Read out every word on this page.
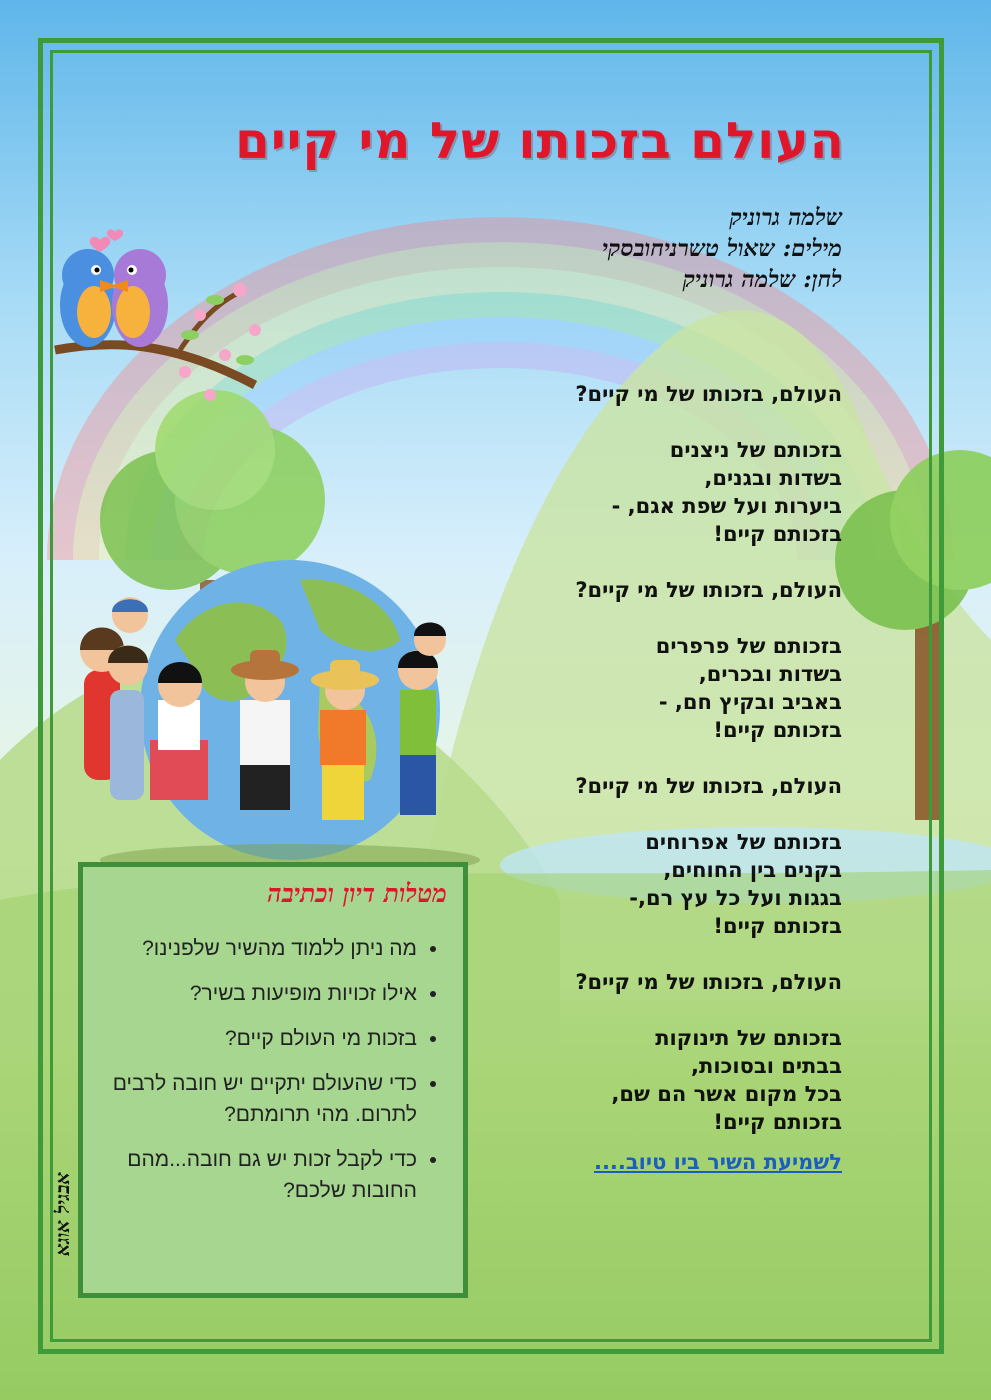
העולם בזכותו של מי קיים
שלמה גרוניק
מילים: שאול טשרניחובסקי
לחן: שלמה גרוניק
העולם, בזכותו של מי קיים?
בזכותם של ניצנים
בשדות ובגנים,
ביערות ועל שפת אגם, -
בזכותם קיים!
העולם, בזכותו של מי קיים?
בזכותם של פרפרים
בשדות ובכרים,
באביב ובקיץ חם, -
בזכותם קיים!
העולם, בזכותו של מי קיים?
בזכותם של אפרוחים
בקנים בין החוחים,
בגגות ועל כל עץ רם,-
בזכותם קיים!
העולם, בזכותו של מי קיים?
בזכותם של תינוקות
בבתים ובסוכות,
בכל מקום אשר הם שם,
בזכותם קיים!
לשמיעת השיר ביו טיוב....
מטלות דיון וכתיבה
• מה ניתן ללמוד מהשיר שלפנינו?
• אילו זכויות מופיעות בשיר?
• בזכות מי העולם קיים?
• כדי שהעולם יתקיים יש חובה לרבים לתרום. מהי תרומתם?
• כדי לקבל זכות יש גם חובה...מהם החובות שלכם?
אבגיל אוגא
